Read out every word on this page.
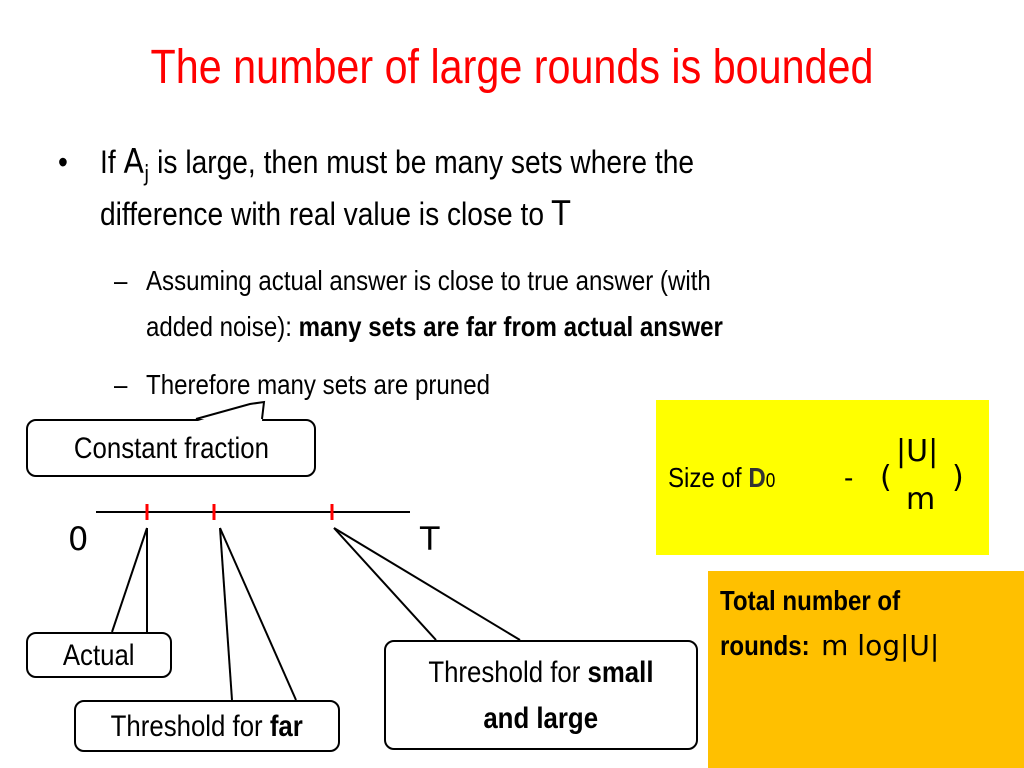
The number of large rounds is bounded
• If $A_j$ is large, then must be many sets where the
difference with real value is close to T
– Assuming actual answer is close to true answer (with
added noise): many sets are far from actual answer
– Therefore many sets are pruned
Size of D0 - (
|U|
m
)
Total number of
rounds: m log|U|
0	T
Constant fraction
Actual
Threshold for far
Threshold for small
and large
